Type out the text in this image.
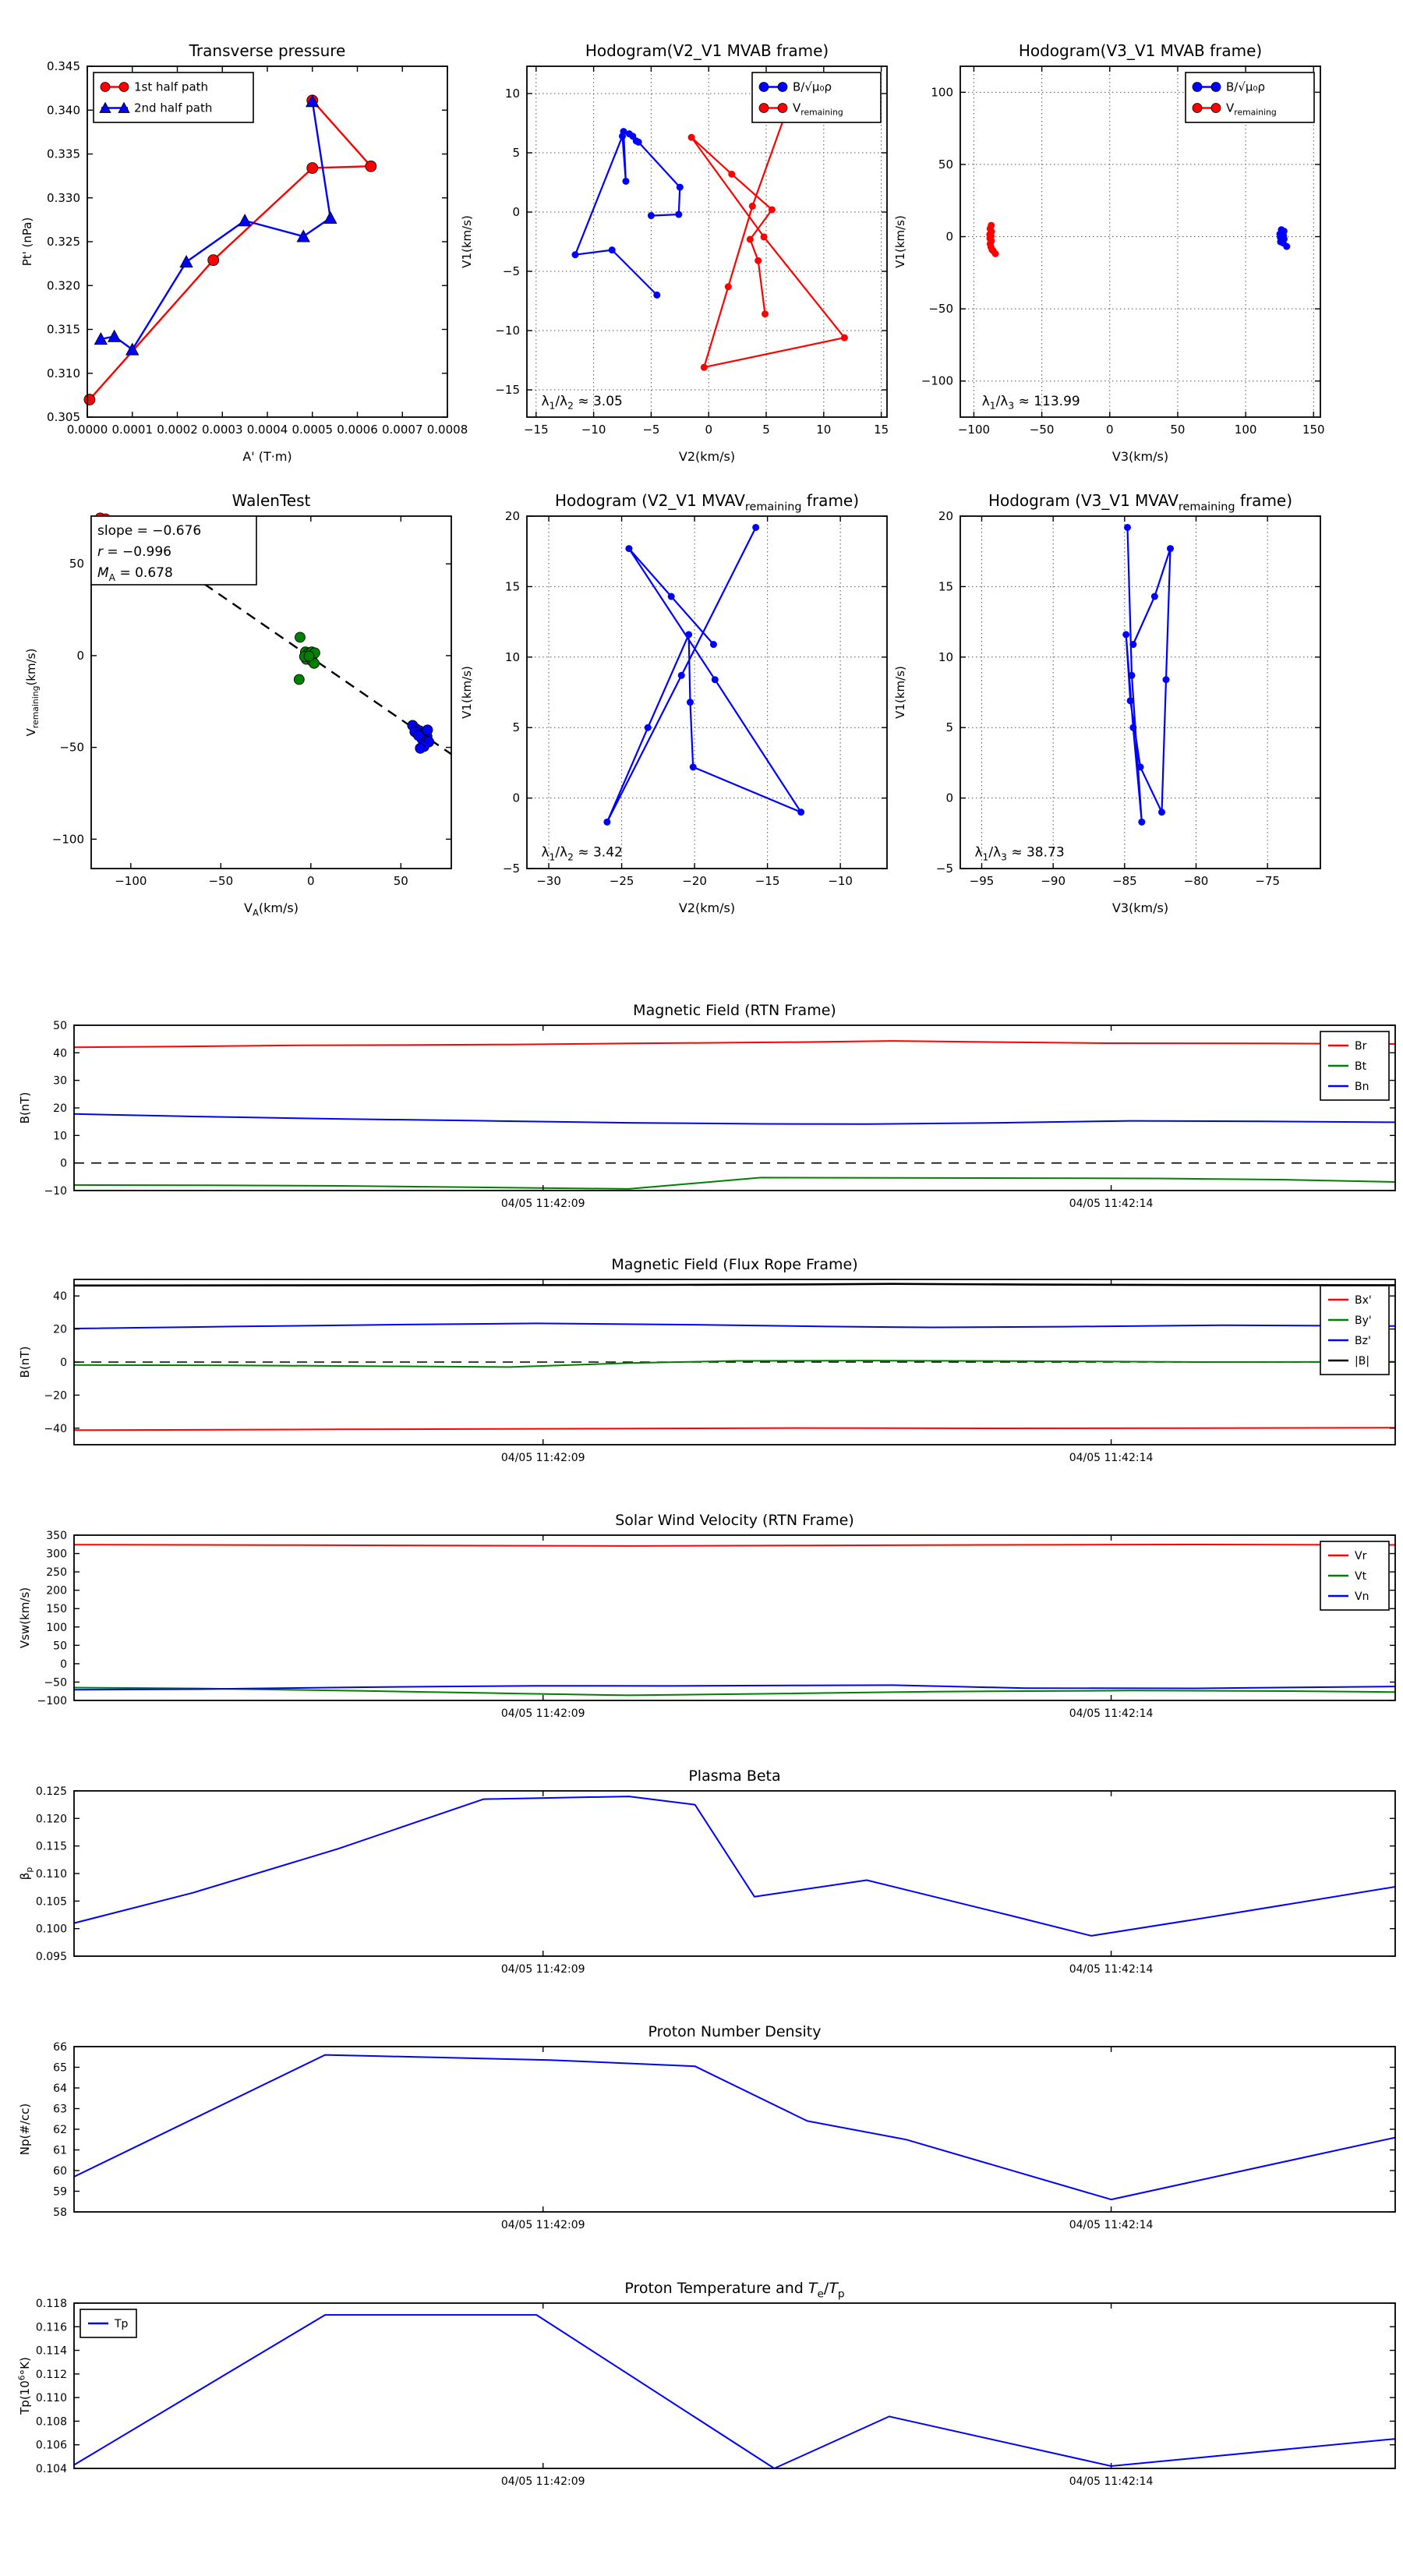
0.0000 0.0001 0.0002 0.0003 0.0004 0.0005 0.0006 0.0007 0.0008
0.305
0.310
0.315
0.320
0.325
0.330
0.335
0.340
0.345
Transverse pressure
A' (T·m)
Pt' (nPa)
1st half path
2nd half path
−15	−10	−5	0	5	10	15
−15
−10
−5
0
5
10
Hodogram(V2_V1 MVAB frame)
V2(km/s)
V1(km/s)
$\lambda_1/\lambda_2 \approx 3.05$
B/√μ₀ρ
$V_{remaining}$
−100	−50	0	50	100	150
−100
−50
0
50
100
Hodogram(V3_V1 MVAB frame)
V3(km/s)
V1(km/s)
$\lambda_1/\lambda_3 \approx 113.99$
B/√μ₀ρ
$V_{remaining}$
−100	−50	0	50
−100
−50
0
50
WalenTest
$V_A(km/s)$
$V_{remaining}(km/s)$
slope = −0.676
r = −0.996
$M_A = 0.678$
−30	−25	−20	−15	−10
−5
0
5
10
15
20
Hodogram (V2_V1 $MVAV_{remaining}$ frame)
V2(km/s)
V1(km/s)
$\lambda_1/\lambda_2 \approx 3.42$
−95	−90	−85	−80	−75
−5
0
5
10
15
20
Hodogram (V3_V1 $MVAV_{remaining}$ frame)
V3(km/s)
V1(km/s)
$\lambda_1/\lambda_3 \approx 38.73$
04/05 11:42:09	04/05 11:42:14
50
40
30
20
10
0
−10
Magnetic Field (RTN Frame)
B(nT)
Br
Bt
Bn
04/05 11:42:09	04/05 11:42:14
40
20
0
−20
−40
Magnetic Field (Flux Rope Frame)
B(nT)
Bx'
By'
Bz'
|B|
04/05 11:42:09	04/05 11:42:14
350
300
250
200
150
100
50
0
−50
−100
Solar Wind Velocity (RTN Frame)
Vsw(km/s)
Vr
Vt
Vn
04/05 11:42:09	04/05 11:42:14
0.125
0.120
0.115
0.110
0.105
0.100
0.095
Plasma Beta
$\beta_p$
04/05 11:42:09	04/05 11:42:14
66
65
64
63
62
61
60
59
58
Proton Number Density
Np(#/cc)
04/05 11:42:09	04/05 11:42:14
0.118
0.116
0.114
0.112
0.110
0.108
0.106
0.104
Proton Temperature and $T_e/T_p$
$Tp(10^6^\circ K)$
Tp
